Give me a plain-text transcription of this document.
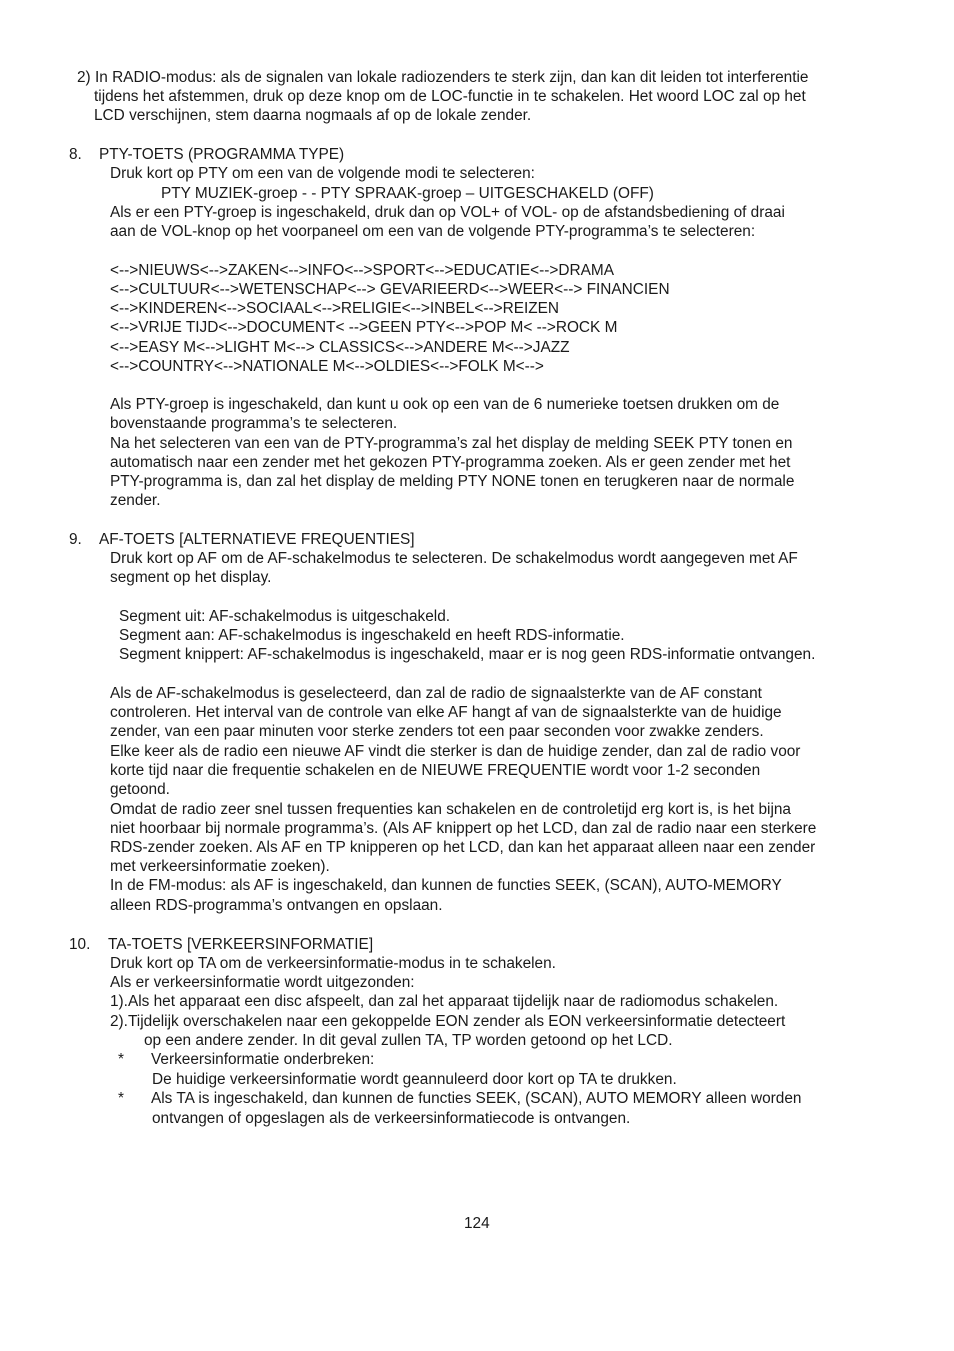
2) In RADIO-modus: als de signalen van lokale radiozenders te sterk zijn, dan kan dit leiden tot interferentie
tijdens het afstemmen, druk op deze knop om de LOC-functie in te schakelen. Het woord LOC zal op het
LCD verschijnen, stem daarna nogmaals af op de lokale zender.
8. PTY-TOETS (PROGRAMMA TYPE)
Druk kort op PTY om een van de volgende modi te selecteren:
PTY MUZIEK-groep - - PTY SPRAAK-groep – UITGESCHAKELD (OFF)
Als er een PTY-groep is ingeschakeld, druk dan op VOL+ of VOL- op de afstandsbediening of draai
aan de VOL-knop op het voorpaneel om een van de volgende PTY-programma’s te selecteren:
<-->NIEUWS<-->ZAKEN<-->INFO<-->SPORT<-->EDUCATIE<-->DRAMA
<-->CULTUUR<-->WETENSCHAP<--> GEVARIEERD<-->WEER<--> FINANCIEN
<-->KINDEREN<-->SOCIAAL<-->RELIGIE<-->INBEL<-->REIZEN
<-->VRIJE TIJD<-->DOCUMENT< -->GEEN PTY<-->POP M< -->ROCK M
<-->EASY M<-->LIGHT M<--> CLASSICS<-->ANDERE M<-->JAZZ
<-->COUNTRY<-->NATIONALE M<-->OLDIES<-->FOLK M<-->
Als PTY-groep is ingeschakeld, dan kunt u ook op een van de 6 numerieke toetsen drukken om de
bovenstaande programma’s te selecteren.
Na het selecteren van een van de PTY-programma’s zal het display de melding SEEK PTY tonen en
automatisch naar een zender met het gekozen PTY-programma zoeken. Als er geen zender met het
PTY-programma is, dan zal het display de melding PTY NONE tonen en terugkeren naar de normale
zender.
9. AF-TOETS [ALTERNATIEVE FREQUENTIES]
Druk kort op AF om de AF-schakelmodus te selecteren. De schakelmodus wordt aangegeven met AF
segment op het display.
Segment uit: AF-schakelmodus is uitgeschakeld.
Segment aan: AF-schakelmodus is ingeschakeld en heeft RDS-informatie.
Segment knippert: AF-schakelmodus is ingeschakeld, maar er is nog geen RDS-informatie ontvangen.
Als de AF-schakelmodus is geselecteerd, dan zal de radio de signaalsterkte van de AF constant
controleren. Het interval van de controle van elke AF hangt af van de signaalsterkte van de huidige
zender, van een paar minuten voor sterke zenders tot een paar seconden voor zwakke zenders.
Elke keer als de radio een nieuwe AF vindt die sterker is dan de huidige zender, dan zal de radio voor
korte tijd naar die frequentie schakelen en de NIEUWE FREQUENTIE wordt voor 1-2 seconden
getoond.
Omdat de radio zeer snel tussen frequenties kan schakelen en de controletijd erg kort is, is het bijna
niet hoorbaar bij normale programma’s. (Als AF knippert op het LCD, dan zal de radio naar een sterkere
RDS-zender zoeken. Als AF en TP knipperen op het LCD, dan kan het apparaat alleen naar een zender
met verkeersinformatie zoeken).
In de FM-modus: als AF is ingeschakeld, dan kunnen de functies SEEK, (SCAN), AUTO-MEMORY
alleen RDS-programma’s ontvangen en opslaan.
10. TA-TOETS [VERKEERSINFORMATIE]
Druk kort op TA om de verkeersinformatie-modus in te schakelen.
Als er verkeersinformatie wordt uitgezonden:
1).Als het apparaat een disc afspeelt, dan zal het apparaat tijdelijk naar de radiomodus schakelen.
2).Tijdelijk overschakelen naar een gekoppelde EON zender als EON verkeersinformatie detecteert
op een andere zender. In dit geval zullen TA, TP worden getoond op het LCD.
* Verkeersinformatie onderbreken:
De huidige verkeersinformatie wordt geannuleerd door kort op TA te drukken.
* Als TA is ingeschakeld, dan kunnen de functies SEEK, (SCAN), AUTO MEMORY alleen worden
ontvangen of opgeslagen als de verkeersinformatiecode is ontvangen.
124
